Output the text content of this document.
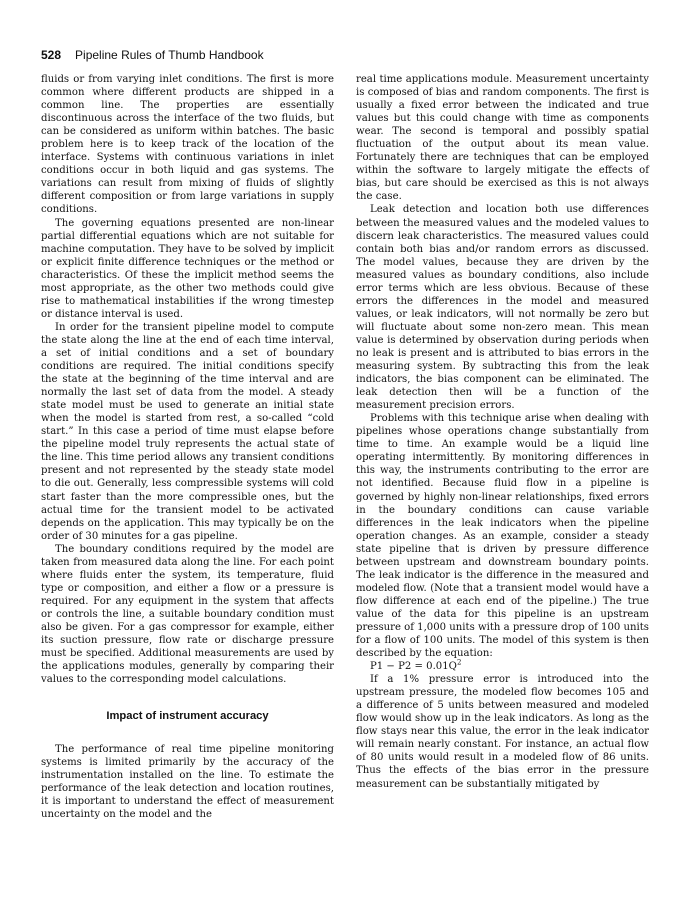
528 Pipeline Rules of Thumb Handbook

fluids or from varying inlet conditions. The first is more common where different products are shipped in a common line. The properties are essentially discontinuous across the interface of the two fluids, but can be considered as uniform within batches. The basic problem here is to keep track of the location of the interface. Systems with continuous variations in inlet conditions occur in both liquid and gas systems. The variations can result from mixing of fluids of slightly different composition or from large variations in supply conditions.

The governing equations presented are non-linear partial differential equations which are not suitable for machine computation. They have to be solved by implicit or explicit finite difference techniques or the method or characteristics. Of these the implicit method seems the most appropriate, as the other two methods could give rise to mathematical instabilities if the wrong timestep or distance interval is used.

In order for the transient pipeline model to compute the state along the line at the end of each time interval, a set of initial conditions and a set of boundary conditions are required. The initial conditions specify the state at the beginning of the time interval and are normally the last set of data from the model. A steady state model must be used to generate an initial state when the model is started from rest, a so-called “cold start.” In this case a period of time must elapse before the pipeline model truly represents the actual state of the line. This time period allows any transient conditions present and not represented by the steady state model to die out. Generally, less compressible systems will cold start faster than the more compressible ones, but the actual time for the transient model to be activated depends on the application. This may typically be on the order of 30 minutes for a gas pipeline.

The boundary conditions required by the model are taken from measured data along the line. For each point where fluids enter the system, its temperature, fluid type or composition, and either a flow or a pressure is required. For any equipment in the system that affects or controls the line, a suitable boundary condition must also be given. For a gas compressor for example, either its suction pressure, flow rate or discharge pressure must be specified. Additional measurements are used by the applications modules, generally by comparing their values to the corresponding model calculations.

Impact of instrument accuracy

The performance of real time pipeline monitoring systems is limited primarily by the accuracy of the instrumentation installed on the line. To estimate the performance of the leak detection and location routines, it is important to understand the effect of measurement uncertainty on the model and the

real time applications module. Measurement uncertainty is composed of bias and random components. The first is usually a fixed error between the indicated and true values but this could change with time as components wear. The second is temporal and possibly spatial fluctuation of the output about its mean value. Fortunately there are techniques that can be employed within the software to largely mitigate the effects of bias, but care should be exercised as this is not always the case.

Leak detection and location both use differences between the measured values and the modeled values to discern leak characteristics. The measured values could contain both bias and/or random errors as discussed. The model values, because they are driven by the measured values as boundary conditions, also include error terms which are less obvious. Because of these errors the differences in the model and measured values, or leak indicators, will not normally be zero but will fluctuate about some non-zero mean. This mean value is determined by observation during periods when no leak is present and is attributed to bias errors in the measuring system. By subtracting this from the leak indicators, the bias component can be eliminated. The leak detection then will be a function of the measurement precision errors.

Problems with this technique arise when dealing with pipelines whose operations change substantially from time to time. An example would be a liquid line operating intermittently. By monitoring differences in this way, the instruments contributing to the error are not identified. Because fluid flow in a pipeline is governed by highly non-linear relationships, fixed errors in the boundary conditions can cause variable differences in the leak indicators when the pipeline operation changes. As an example, consider a steady state pipeline that is driven by pressure difference between upstream and downstream boundary points. The leak indicator is the difference in the measured and modeled flow. (Note that a transient model would have a flow difference at each end of the pipeline.) The true value of the data for this pipeline is an upstream pressure of 1,000 units with a pressure drop of 100 units for a flow of 100 units. The model of this system is then described by the equation:

$P1 - P2 = 0.01Q^2$

If a 1% pressure error is introduced into the upstream pressure, the modeled flow becomes 105 and a difference of 5 units between measured and modeled flow would show up in the leak indicators. As long as the flow stays near this value, the error in the leak indicator will remain nearly constant. For instance, an actual flow of 80 units would result in a modeled flow of 86 units. Thus the effects of the bias error in the pressure measurement can be substantially mitigated by
